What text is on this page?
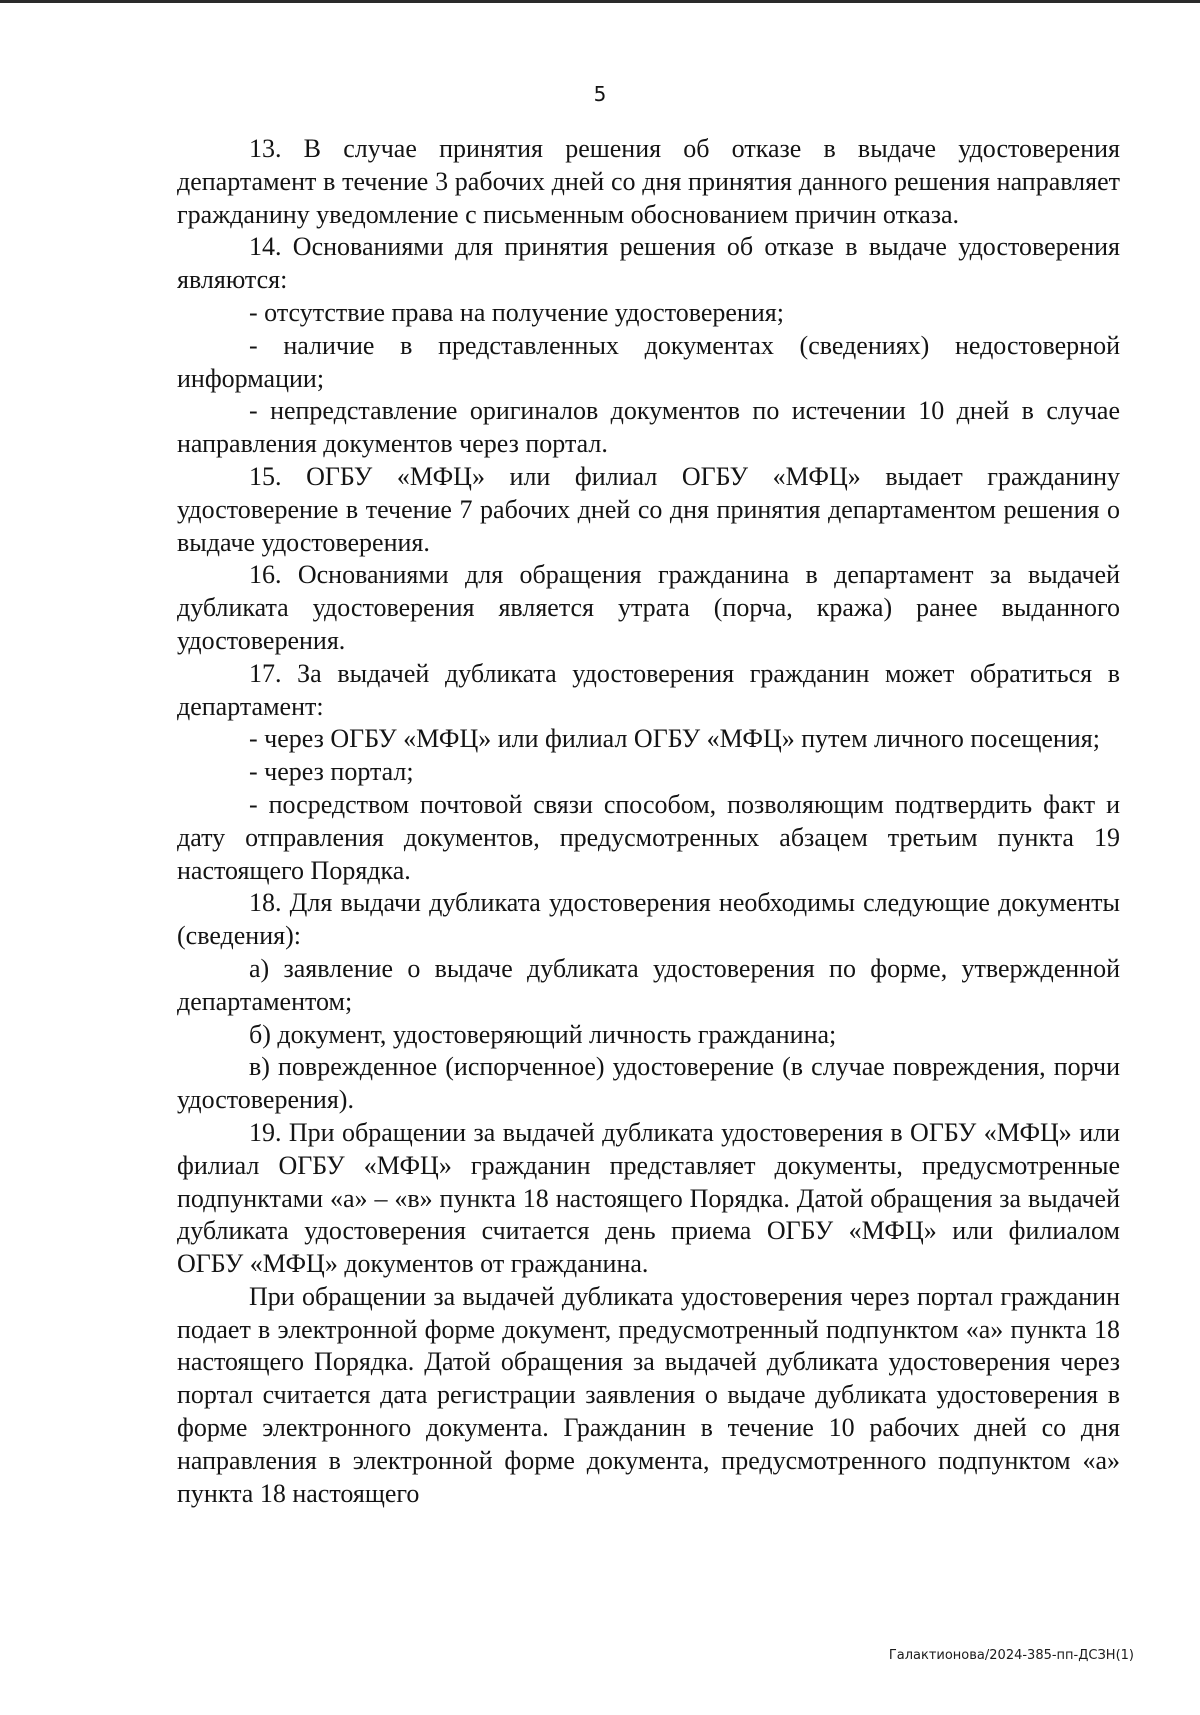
5

13. В случае принятия решения об отказе в выдаче удостоверения департамент в течение 3 рабочих дней со дня принятия данного решения направляет гражданину уведомление с письменным обоснованием причин отказа.

14. Основаниями для принятия решения об отказе в выдаче удостоверения являются:

- отсутствие права на получение удостоверения;

- наличие в представленных документах (сведениях) недостоверной информации;

- непредставление оригиналов документов по истечении 10 дней в случае направления документов через портал.

15. ОГБУ «МФЦ» или филиал ОГБУ «МФЦ» выдает гражданину удостоверение в течение 7 рабочих дней со дня принятия департаментом решения о выдаче удостоверения.

16. Основаниями для обращения гражданина в департамент за выдачей дубликата удостоверения является утрата (порча, кража) ранее выданного удостоверения.

17. За выдачей дубликата удостоверения гражданин может обратиться в департамент:

- через ОГБУ «МФЦ» или филиал ОГБУ «МФЦ» путем личного посещения;

- через портал;

- посредством почтовой связи способом, позволяющим подтвердить факт и дату отправления документов, предусмотренных абзацем третьим пункта 19 настоящего Порядка.

18. Для выдачи дубликата удостоверения необходимы следующие документы (сведения):

а) заявление о выдаче дубликата удостоверения по форме, утвержденной департаментом;

б) документ, удостоверяющий личность гражданина;

в) поврежденное (испорченное) удостоверение (в случае повреждения, порчи удостоверения).

19. При обращении за выдачей дубликата удостоверения в ОГБУ «МФЦ» или филиал ОГБУ «МФЦ» гражданин представляет документы, предусмотренные подпунктами «а» – «в» пункта 18 настоящего Порядка. Датой обращения за выдачей дубликата удостоверения считается день приема ОГБУ «МФЦ» или филиалом ОГБУ «МФЦ» документов от гражданина.

При обращении за выдачей дубликата удостоверения через портал гражданин подает в электронной форме документ, предусмотренный подпунктом «а» пункта 18 настоящего Порядка. Датой обращения за выдачей дубликата удостоверения через портал считается дата регистрации заявления о выдаче дубликата удостоверения в форме электронного документа. Гражданин в течение 10 рабочих дней со дня направления в электронной форме документа, предусмотренного подпунктом «а» пункта 18 настоящего

Галактионова/2024-385-пп-ДСЗН(1)
